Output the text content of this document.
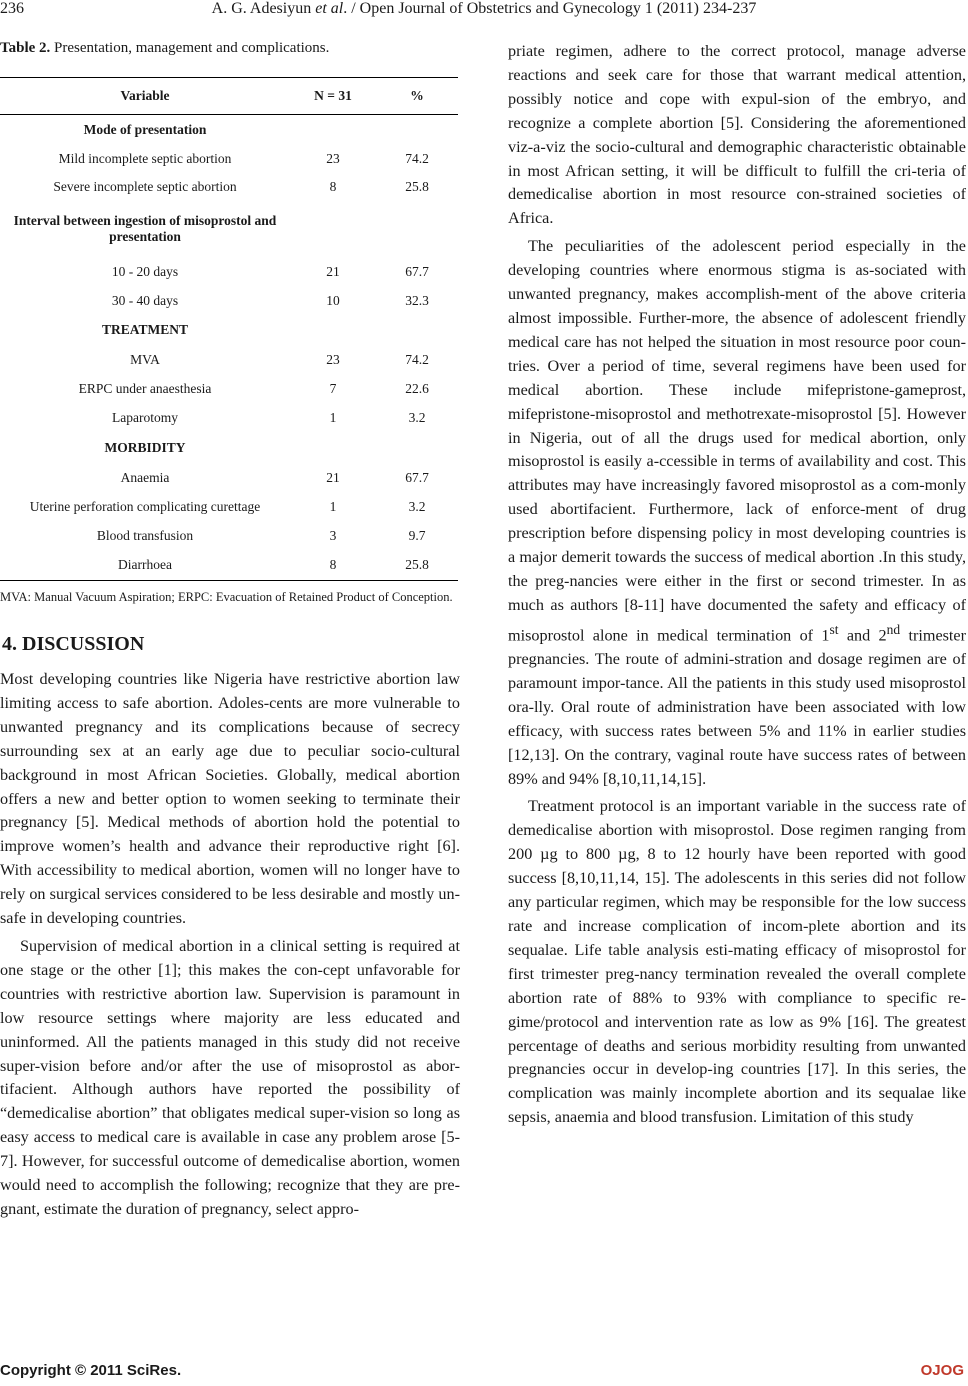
236	A. G. Adesiyun et al. / Open Journal of Obstetrics and Gynecology 1 (2011) 234-237
Table 2. Presentation, management and complications.
Variable	N = 31	%
Mode of presentation		
Mild incomplete septic abortion	23	74.2
Severe incomplete septic abortion	8	25.8
Interval between ingestion of misoprostol and presentation		
10 - 20 days	21	67.7
30 - 40 days	10	32.3
TREATMENT		
MVA	23	74.2
ERPC under anaesthesia	7	22.6
Laparotomy	1	3.2
MORBIDITY		
Anaemia	21	67.7
Uterine perforation complicating curettage	1	3.2
Blood transfusion	3	9.7
Diarrhoea	8	25.8
MVA: Manual Vacuum Aspiration; ERPC: Evacuation of Retained Product of Conception.
4. DISCUSSION

Most developing countries like Nigeria have restrictive abortion law limiting access to safe abortion. Adoles-cents are more vulnerable to unwanted pregnancy and its complications because of secrecy surrounding sex at an early age due to peculiar socio-cultural background in most African Societies. Globally, medical abortion offers a new and better option to women seeking to terminate their pregnancy [5]. Medical methods of abortion hold the potential to improve women’s health and advance their reproductive right [6]. With accessibility to medical abortion, women will no longer have to rely on surgical services considered to be less desirable and mostly un-safe in developing countries.

Supervision of medical abortion in a clinical setting is required at one stage or the other [1]; this makes the con-cept unfavorable for countries with restrictive abortion law. Supervision is paramount in low resource settings where majority are less educated and uninformed. All the patients managed in this study did not receive super-vision before and/or after the use of misoprostol as abor-tifacient. Although authors have reported the possibility of “demedicalise abortion” that obligates medical super-vision so long as easy access to medical care is available in case any problem arose [5-7]. However, for successful outcome of demedicalise abortion, women would need to accomplish the following; recognize that they are pre-gnant, estimate the duration of pregnancy, select appro-

priate regimen, adhere to the correct protocol, manage adverse reactions and seek care for those that warrant medical attention, possibly notice and cope with expul-sion of the embryo, and recognize a complete abortion [5]. Considering the aforementioned viz-a-viz the socio-cultural and demographic characteristic obtainable in most African setting, it will be difficult to fulfill the cri-teria of demedicalise abortion in most resource con-strained societies of Africa.

The peculiarities of the adolescent period especially in the developing countries where enormous stigma is as-sociated with unwanted pregnancy, makes accomplish-ment of the above criteria almost impossible. Further-more, the absence of adolescent friendly medical care has not helped the situation in most resource poor coun-tries. Over a period of time, several regimens have been used for medical abortion. These include mifepristone-gameprost, mifepristone-misoprostol and methotrexate-misoprostol [5]. However in Nigeria, out of all the drugs used for medical abortion, only misoprostol is easily a-ccessible in terms of availability and cost. This attributes may have increasingly favored misoprostol as a com-monly used abortifacient. Furthermore, lack of enforce-ment of drug prescription before dispensing policy in most developing countries is a major demerit towards the success of medical abortion .In this study, the preg-nancies were either in the first or second trimester. In as much as authors [8-11] have documented the safety and efficacy of misoprostol alone in medical termination of 1st and 2nd trimester pregnancies. The route of admini-stration and dosage regimen are of paramount impor-tance. All the patients in this study used misoprostol ora-lly. Oral route of administration have been associated with low efficacy, with success rates between 5% and 11% in earlier studies [12,13]. On the contrary, vaginal route have success rates of between 89% and 94% [8,10,11,14,15].

Treatment protocol is an important variable in the success rate of demedicalise abortion with misoprostol. Dose regimen ranging from 200 µg to 800 µg, 8 to 12 hourly have been reported with good success [8,10,11,14, 15]. The adolescents in this series did not follow any particular regimen, which may be responsible for the low success rate and increase complication of incom-plete abortion and its sequalae. Life table analysis esti-mating efficacy of misoprostol for first trimester preg-nancy termination revealed the overall complete abortion rate of 88% to 93% with compliance to specific re-gime/protocol and intervention rate as low as 9% [16]. The greatest percentage of deaths and serious morbidity resulting from unwanted pregnancies occur in develop-ing countries [17]. In this series, the complication was mainly incomplete abortion and its sequalae like sepsis, anaemia and blood transfusion. Limitation of this study

Copyright © 2011 SciRes.	OJOG
